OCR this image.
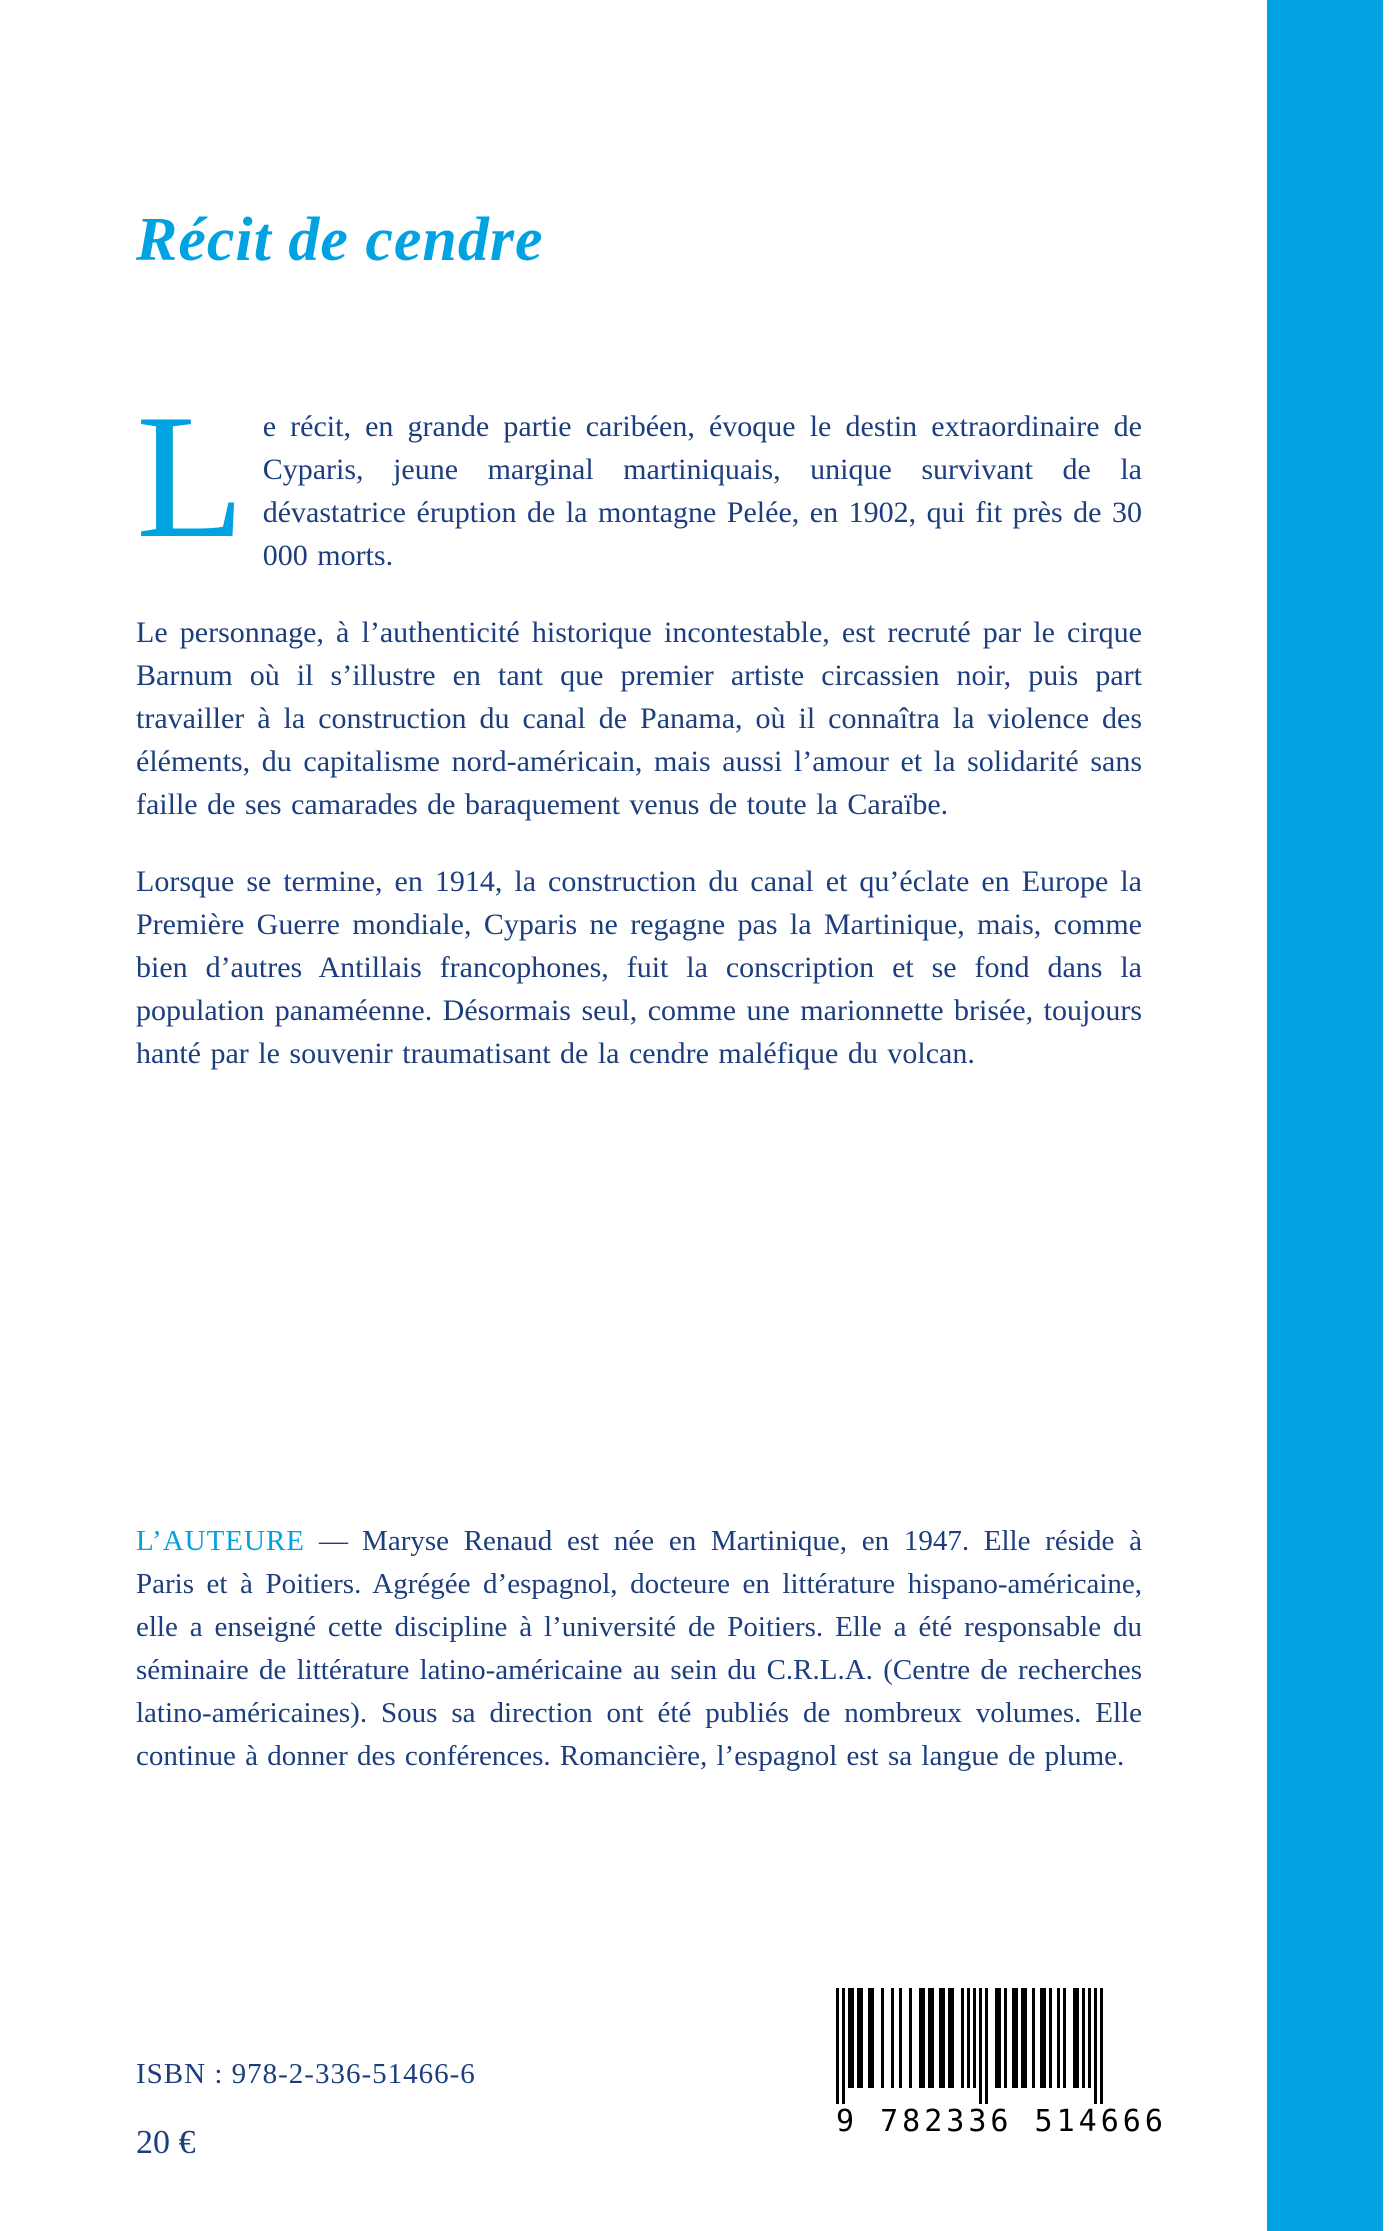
Récit de cendre

Le récit, en grande partie caribéen, évoque le destin extraordinaire de Cyparis, jeune marginal martiniquais, unique survivant de la dévastatrice éruption de la montagne Pelée, en 1902, qui fit près de 30 000 morts.

Le personnage, à l’authenticité historique incontestable, est recruté par le cirque Barnum où il s’illustre en tant que premier artiste circassien noir, puis part travailler à la construction du canal de Panama, où il connaîtra la violence des éléments, du capitalisme nord-américain, mais aussi l’amour et la solidarité sans faille de ses camarades de baraquement venus de toute la Caraïbe.

Lorsque se termine, en 1914, la construction du canal et qu’éclate en Europe la Première Guerre mondiale, Cyparis ne regagne pas la Martinique, mais, comme bien d’autres Antillais francophones, fuit la conscription et se fond dans la population panaméenne. Désormais seul, comme une marionnette brisée, toujours hanté par le souvenir traumatisant de la cendre maléfique du volcan.

L’AUTEURE — Maryse Renaud est née en Martinique, en 1947. Elle réside à Paris et à Poitiers. Agrégée d’espagnol, docteure en littérature hispano-américaine, elle a enseigné cette discipline à l’université de Poitiers. Elle a été responsable du séminaire de littérature latino-américaine au sein du C.R.L.A. (Centre de recherches latino-américaines). Sous sa direction ont été publiés de nombreux volumes. Elle continue à donner des conférences. Romancière, l’espagnol est sa langue de plume.

ISBN : 978-2-336-51466-6
20 €
9 782336 514666
